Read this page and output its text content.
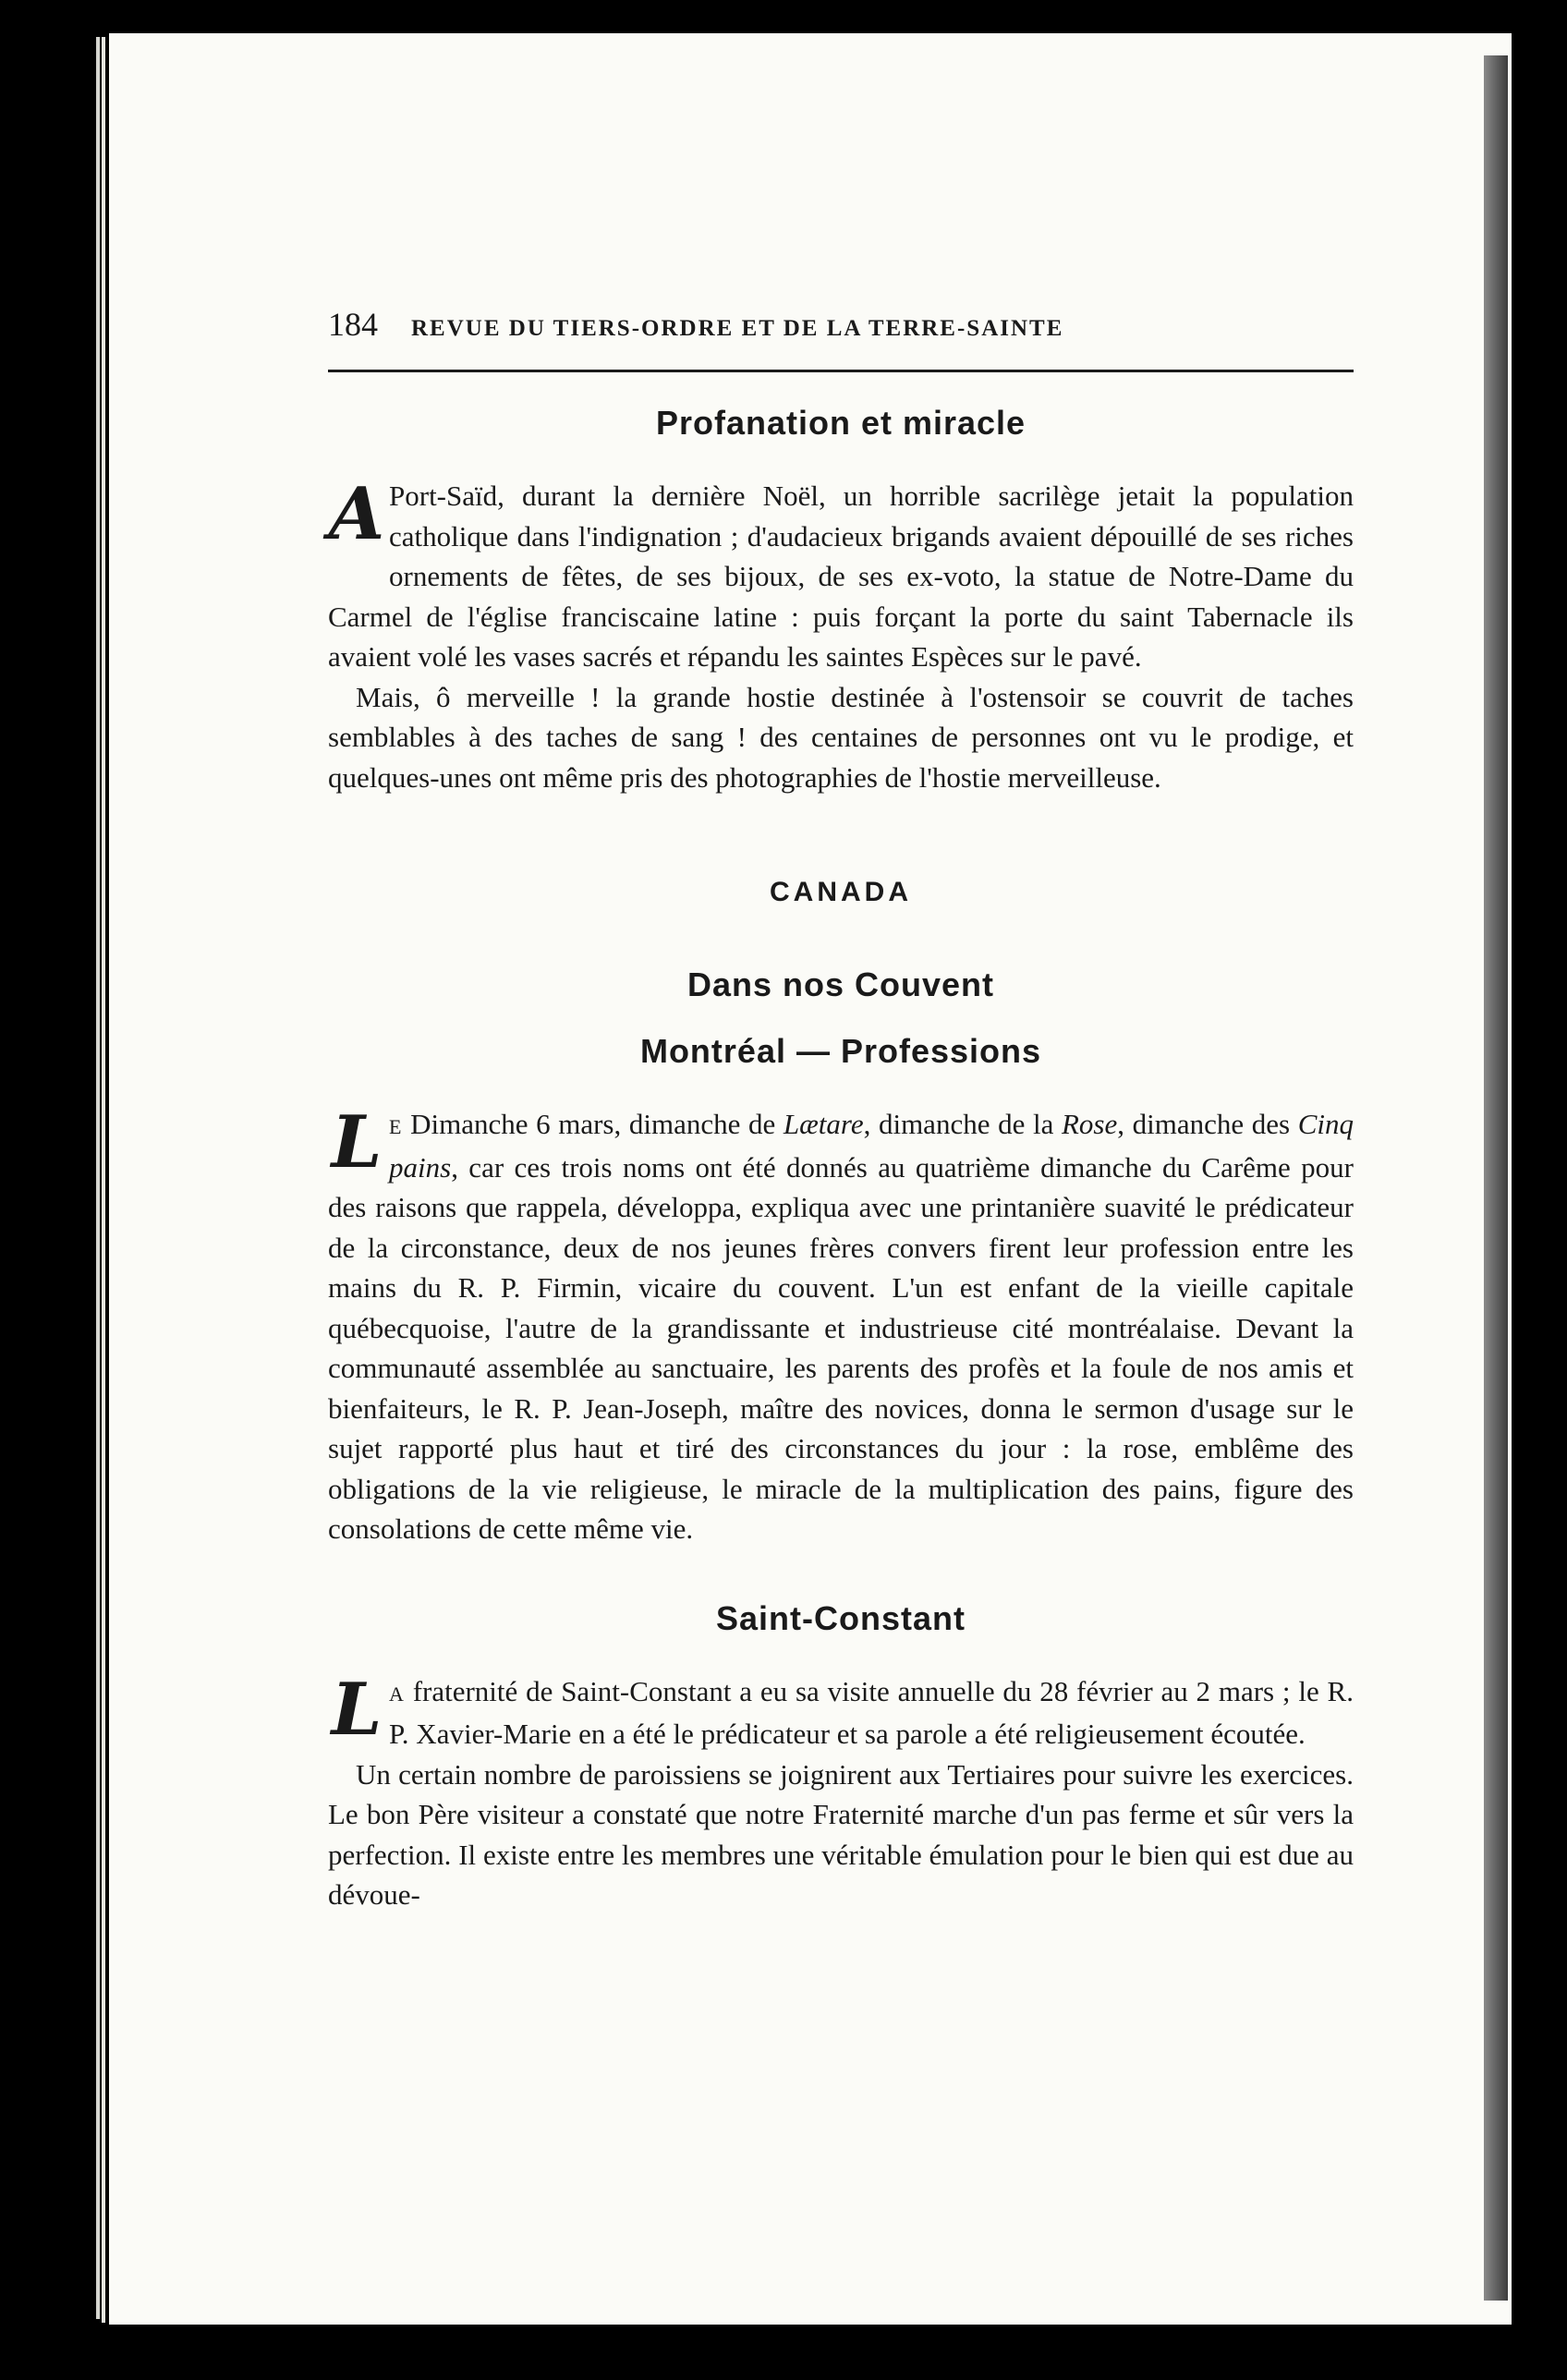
184	REVUE DU TIERS-ORDRE ET DE LA TERRE-SAINTE
Profanation et miracle

A Port-Saïd, durant la dernière Noël, un horrible sacrilège jetait la population catholique dans l'indignation ; d'audacieux brigands avaient dépouillé de ses riches ornements de fêtes, de ses bijoux, de ses ex-voto, la statue de Notre-Dame du Carmel de l'église franciscaine latine : puis forçant la porte du saint Tabernacle ils avaient volé les vases sacrés et répandu les saintes Espèces sur le pavé.

Mais, ô merveille ! la grande hostie destinée à l'ostensoir se couvrit de taches semblables à des taches de sang ! des centaines de personnes ont vu le prodige, et quelques-unes ont même pris des photographies de l'hostie merveilleuse.

CANADA
Dans nos Couvent
Montréal — Professions

L E Dimanche 6 mars, dimanche de Lætare, dimanche de la Rose, dimanche des Cinq pains, car ces trois noms ont été donnés au quatrième dimanche du Carême pour des raisons que rappela, développa, expliqua avec une printanière suavité le prédicateur de la circonstance, deux de nos jeunes frères convers firent leur profession entre les mains du R. P. Firmin, vicaire du couvent. L'un est enfant de la vieille capitale québecquoise, l'autre de la grandissante et industrieuse cité montréalaise. Devant la communauté assemblée au sanctuaire, les parents des profès et la foule de nos amis et bienfaiteurs, le R. P. Jean-Joseph, maître des novices, donna le sermon d'usage sur le sujet rapporté plus haut et tiré des circonstances du jour : la rose, emblême des obligations de la vie religieuse, le miracle de la multiplication des pains, figure des consolations de cette même vie.

Saint-Constant

L A fraternité de Saint-Constant a eu sa visite annuelle du 28 février au 2 mars ; le R. P. Xavier-Marie en a été le prédicateur et sa parole a été religieusement écoutée.

Un certain nombre de paroissiens se joignirent aux Tertiaires pour suivre les exercices. Le bon Père visiteur a constaté que notre Fraternité marche d'un pas ferme et sûr vers la perfection. Il existe entre les membres une véritable émulation pour le bien qui est due au dévoue-
